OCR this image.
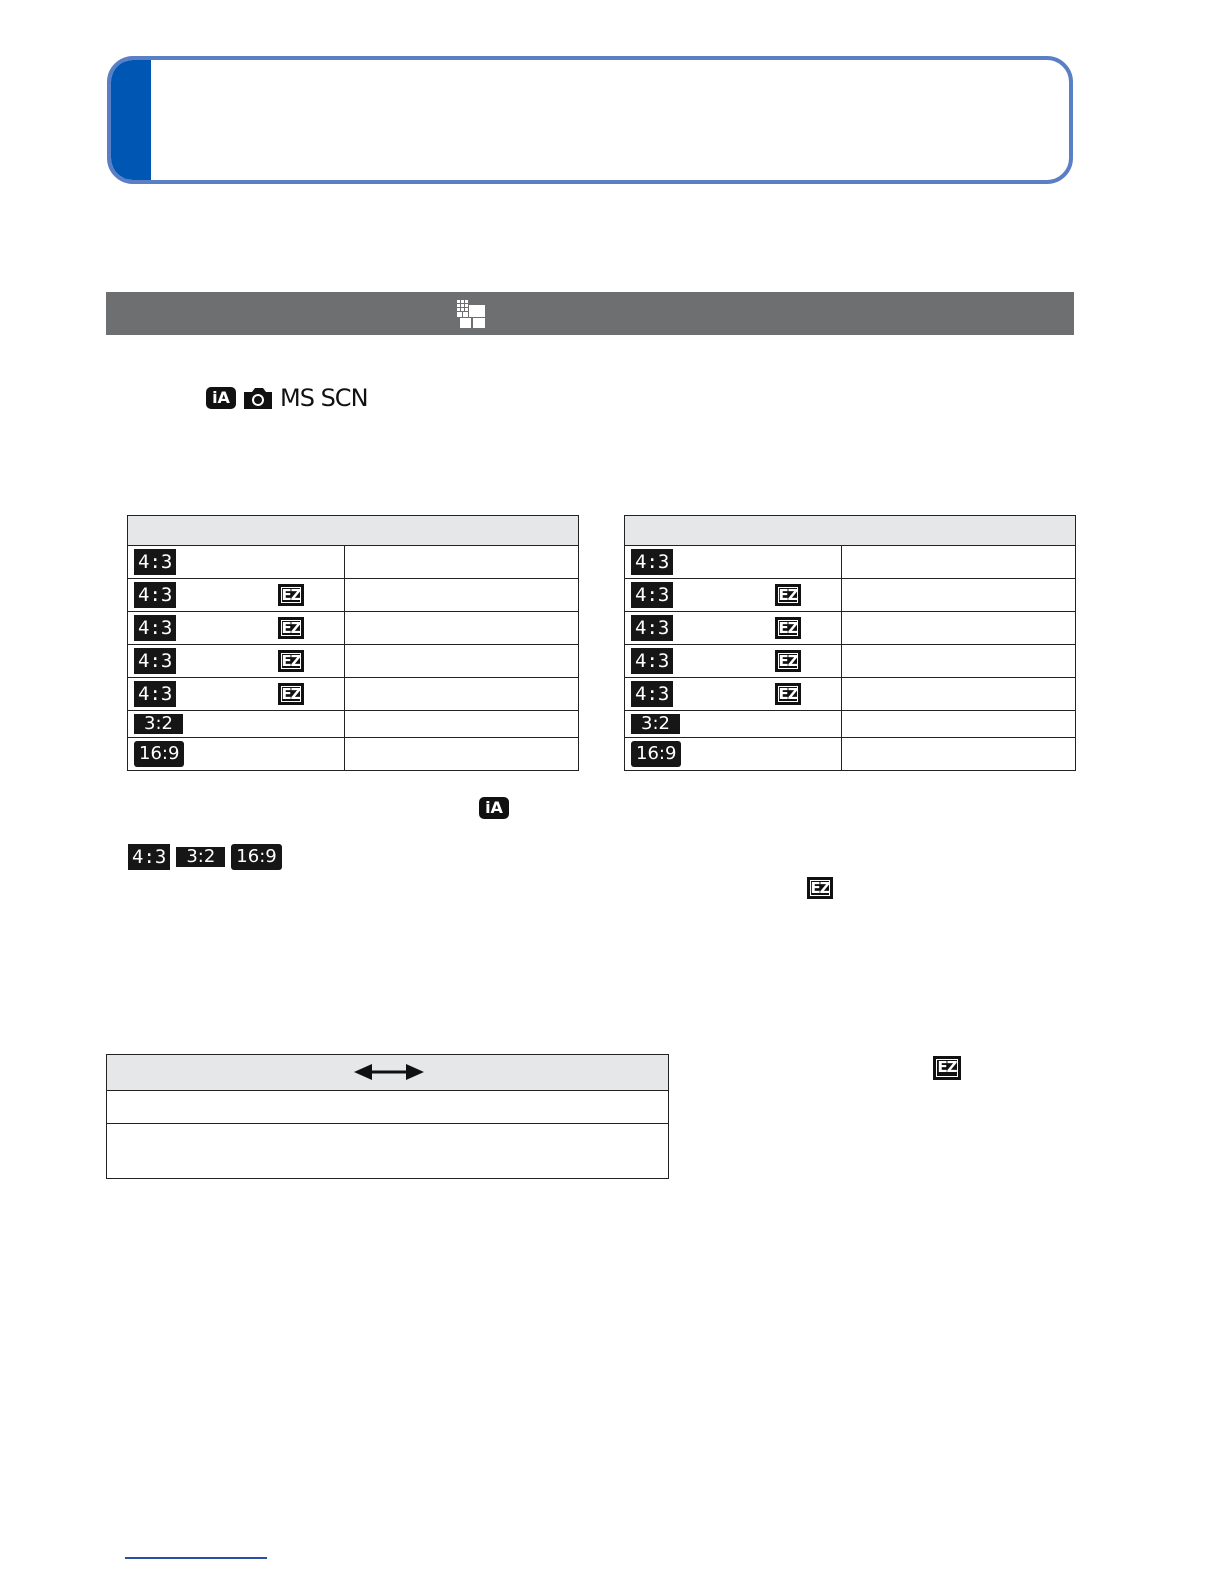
iA MS SCN

4:3	

4:3 EZ	

4:3 EZ	

4:3 EZ	

4:3 EZ	

3:2	

16:9	

4:3	

4:3 EZ	

4:3 EZ	

4:3 EZ	

4:3 EZ	

3:2	

16:9	

iA
4:3	3:2	16:9
EZ
EZ
